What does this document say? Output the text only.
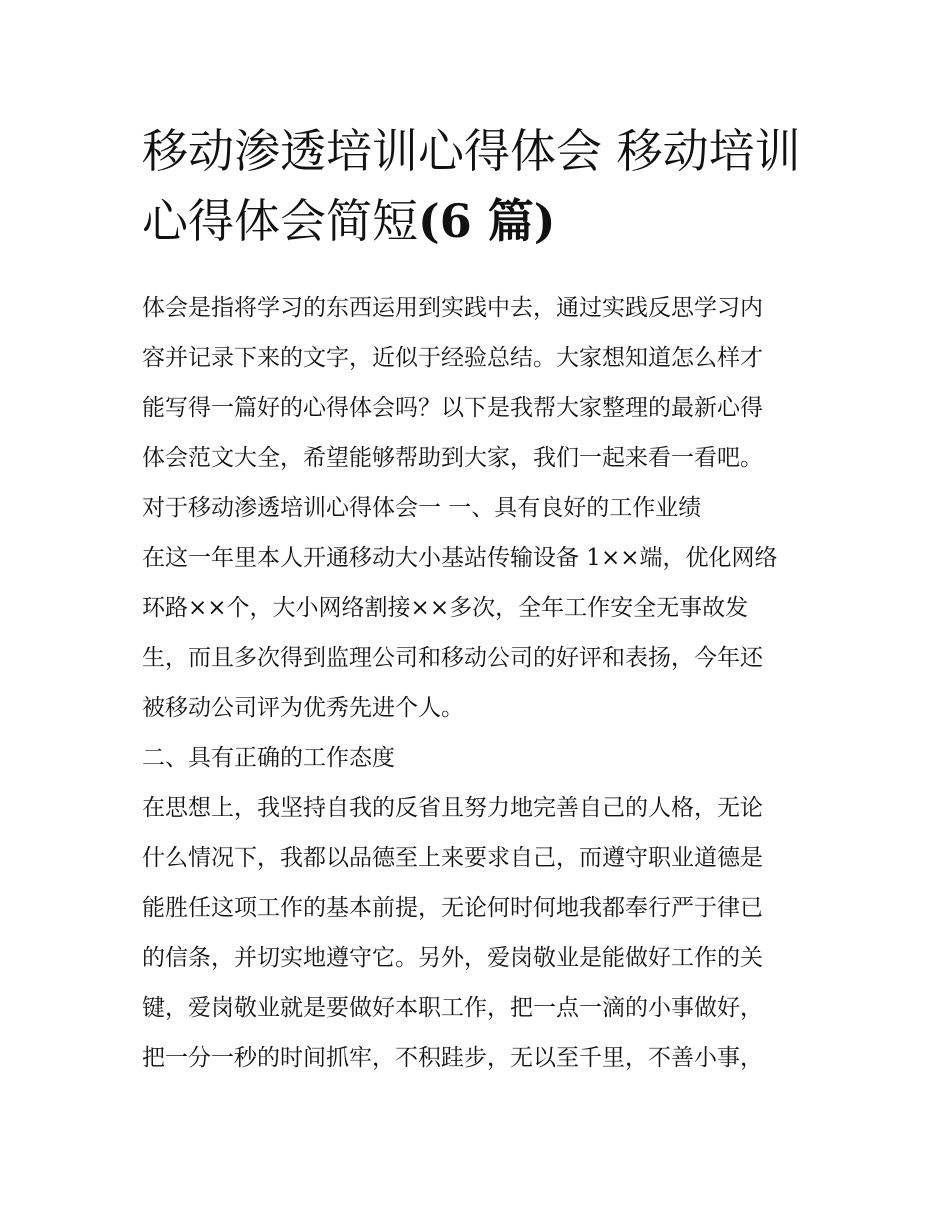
移动渗透培训心得体会 移动培训心得体会简短(6 篇)

体会是指将学习的东西运用到实践中去，通过实践反思学习内

容并记录下来的文字，近似于经验总结。大家想知道怎么样才

能写得一篇好的心得体会吗？以下是我帮大家整理的最新心得

体会范文大全，希望能够帮助到大家，我们一起来看一看吧。

对于移动渗透培训心得体会一 一、具有良好的工作业绩

在这一年里本人开通移动大小基站传输设备 1××端，优化网络

环路××个，大小网络割接××多次，全年工作安全无事故发

生，而且多次得到监理公司和移动公司的好评和表扬，今年还

被移动公司评为优秀先进个人。

二、具有正确的工作态度

在思想上，我坚持自我的反省且努力地完善自己的人格，无论

什么情况下，我都以品德至上来要求自己，而遵守职业道德是

能胜任这项工作的基本前提，无论何时何地我都奉行严于律已

的信条，并切实地遵守它。另外，爱岗敬业是能做好工作的关

键，爱岗敬业就是要做好本职工作，把一点一滴的小事做好，

把一分一秒的时间抓牢，不积跬步，无以至千里，不善小事，
